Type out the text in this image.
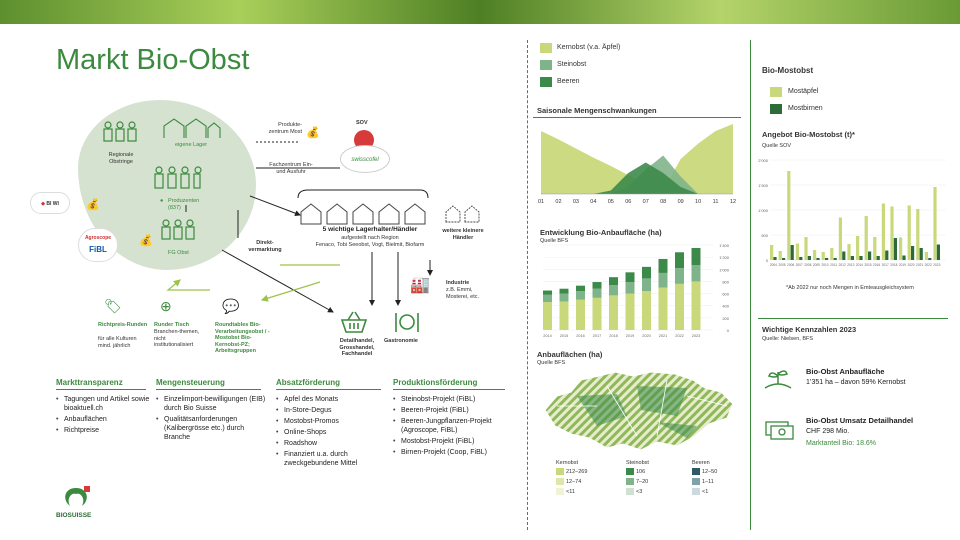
Markt Bio-Obst
Regionale Obstringe
eigene Lager
● Produzenten (837)
FG Obst
◆ BI WI
Agroscope
FiBL
💰
💰
💰
Produkte-zentrum Most
SOV
swisscofel
Fachzentrum Ein- und Ausfuhr
5 wichtige Lagerhalter/Händler
aufgestellt nach Region
Fenaco, Tobi Seeobst, Vogt, Bielmit, Biofarm
weitere kleinere Händler
Direkt-vermarktung
🏭	Industrie
z.B. Emmi, Mosterei, etc.
Detailhandel, Grosshandel, Fachhandel
Gastronomie
🏷
Richtpreis-Runden
für alle Kulturen mind. jährlich
⊕
Runder Tisch
Branchen-themen, nicht institutionalisiert
💬
Roundtables Bio-Verarbeitungsobst / -Mostobst Bio-Kernobst-PZ; Arbeitsgruppen
Markttransparenz
• Tagungen und Artikel sowie bioaktuell.ch
• Anbauflächen
• Richtpreise
Mengensteuerung
• Einzelimport-bewilligungen (EIB) durch Bio Suisse
• Qualitätsanforderungen (Kalibergrösse etc.) durch Branche
Absatzförderung
• Apfel des Monats
• In-Store-Degus
• Mostobst-Promos
• Online-Shops
• Roadshow
• Finanziert u.a. durch zweckgebundene Mittel
Produktionsförderung
• Steinobst-Projekt (FiBL)
• Beeren-Projekt (FiBL)
• Beeren-Jungpflanzen-Projekt (Agroscope, FiBL)
• Mostobst-Projekt (FiBL)
• Birnen-Projekt (Coop, FiBL)
BIOSUISSE
Kernobst (v.a. Äpfel)
Steinobst
Beeren
Saisonale Mengenschwankungen
01 02 03 04 05 06 07 08 09 10 11 12
Entwicklung Bio-Anbaufläche (ha)
Quelle BFS
0
200
400
600
800
1’000
1’200
1’400
2014 2015 2016 2017 2018 2019 2020 2021 2022 2023
Anbauflächen (ha)
Quelle BFS
Kernobst
212–269
12–74
<11
Steinobst
106
7–20
<3
Beeren
12–50
1–11
<1
Bio-Mostobst
Mostäpfel
Mostbirnen
Angebot Bio-Mostobst (t)*
Quelle SOV
0
500
1’000
1’500
2’000
2004 2005 2006 2007 2008 2009 2010 2011 2012 2013 2014 2015 2016 2017 2018 2019 2020 2021 2022 2023
*Ab 2022 nur noch Mengen in Emteausgleichsystem
Wichtige Kennzahlen 2023
Quelle: Nielsen, BFS
Bio-Obst Anbaufläche
1’351 ha – davon 59% Kernobst
Bio-Obst Umsatz Detailhandel
CHF 298 Mio.
Marktanteil Bio: 18.6%
